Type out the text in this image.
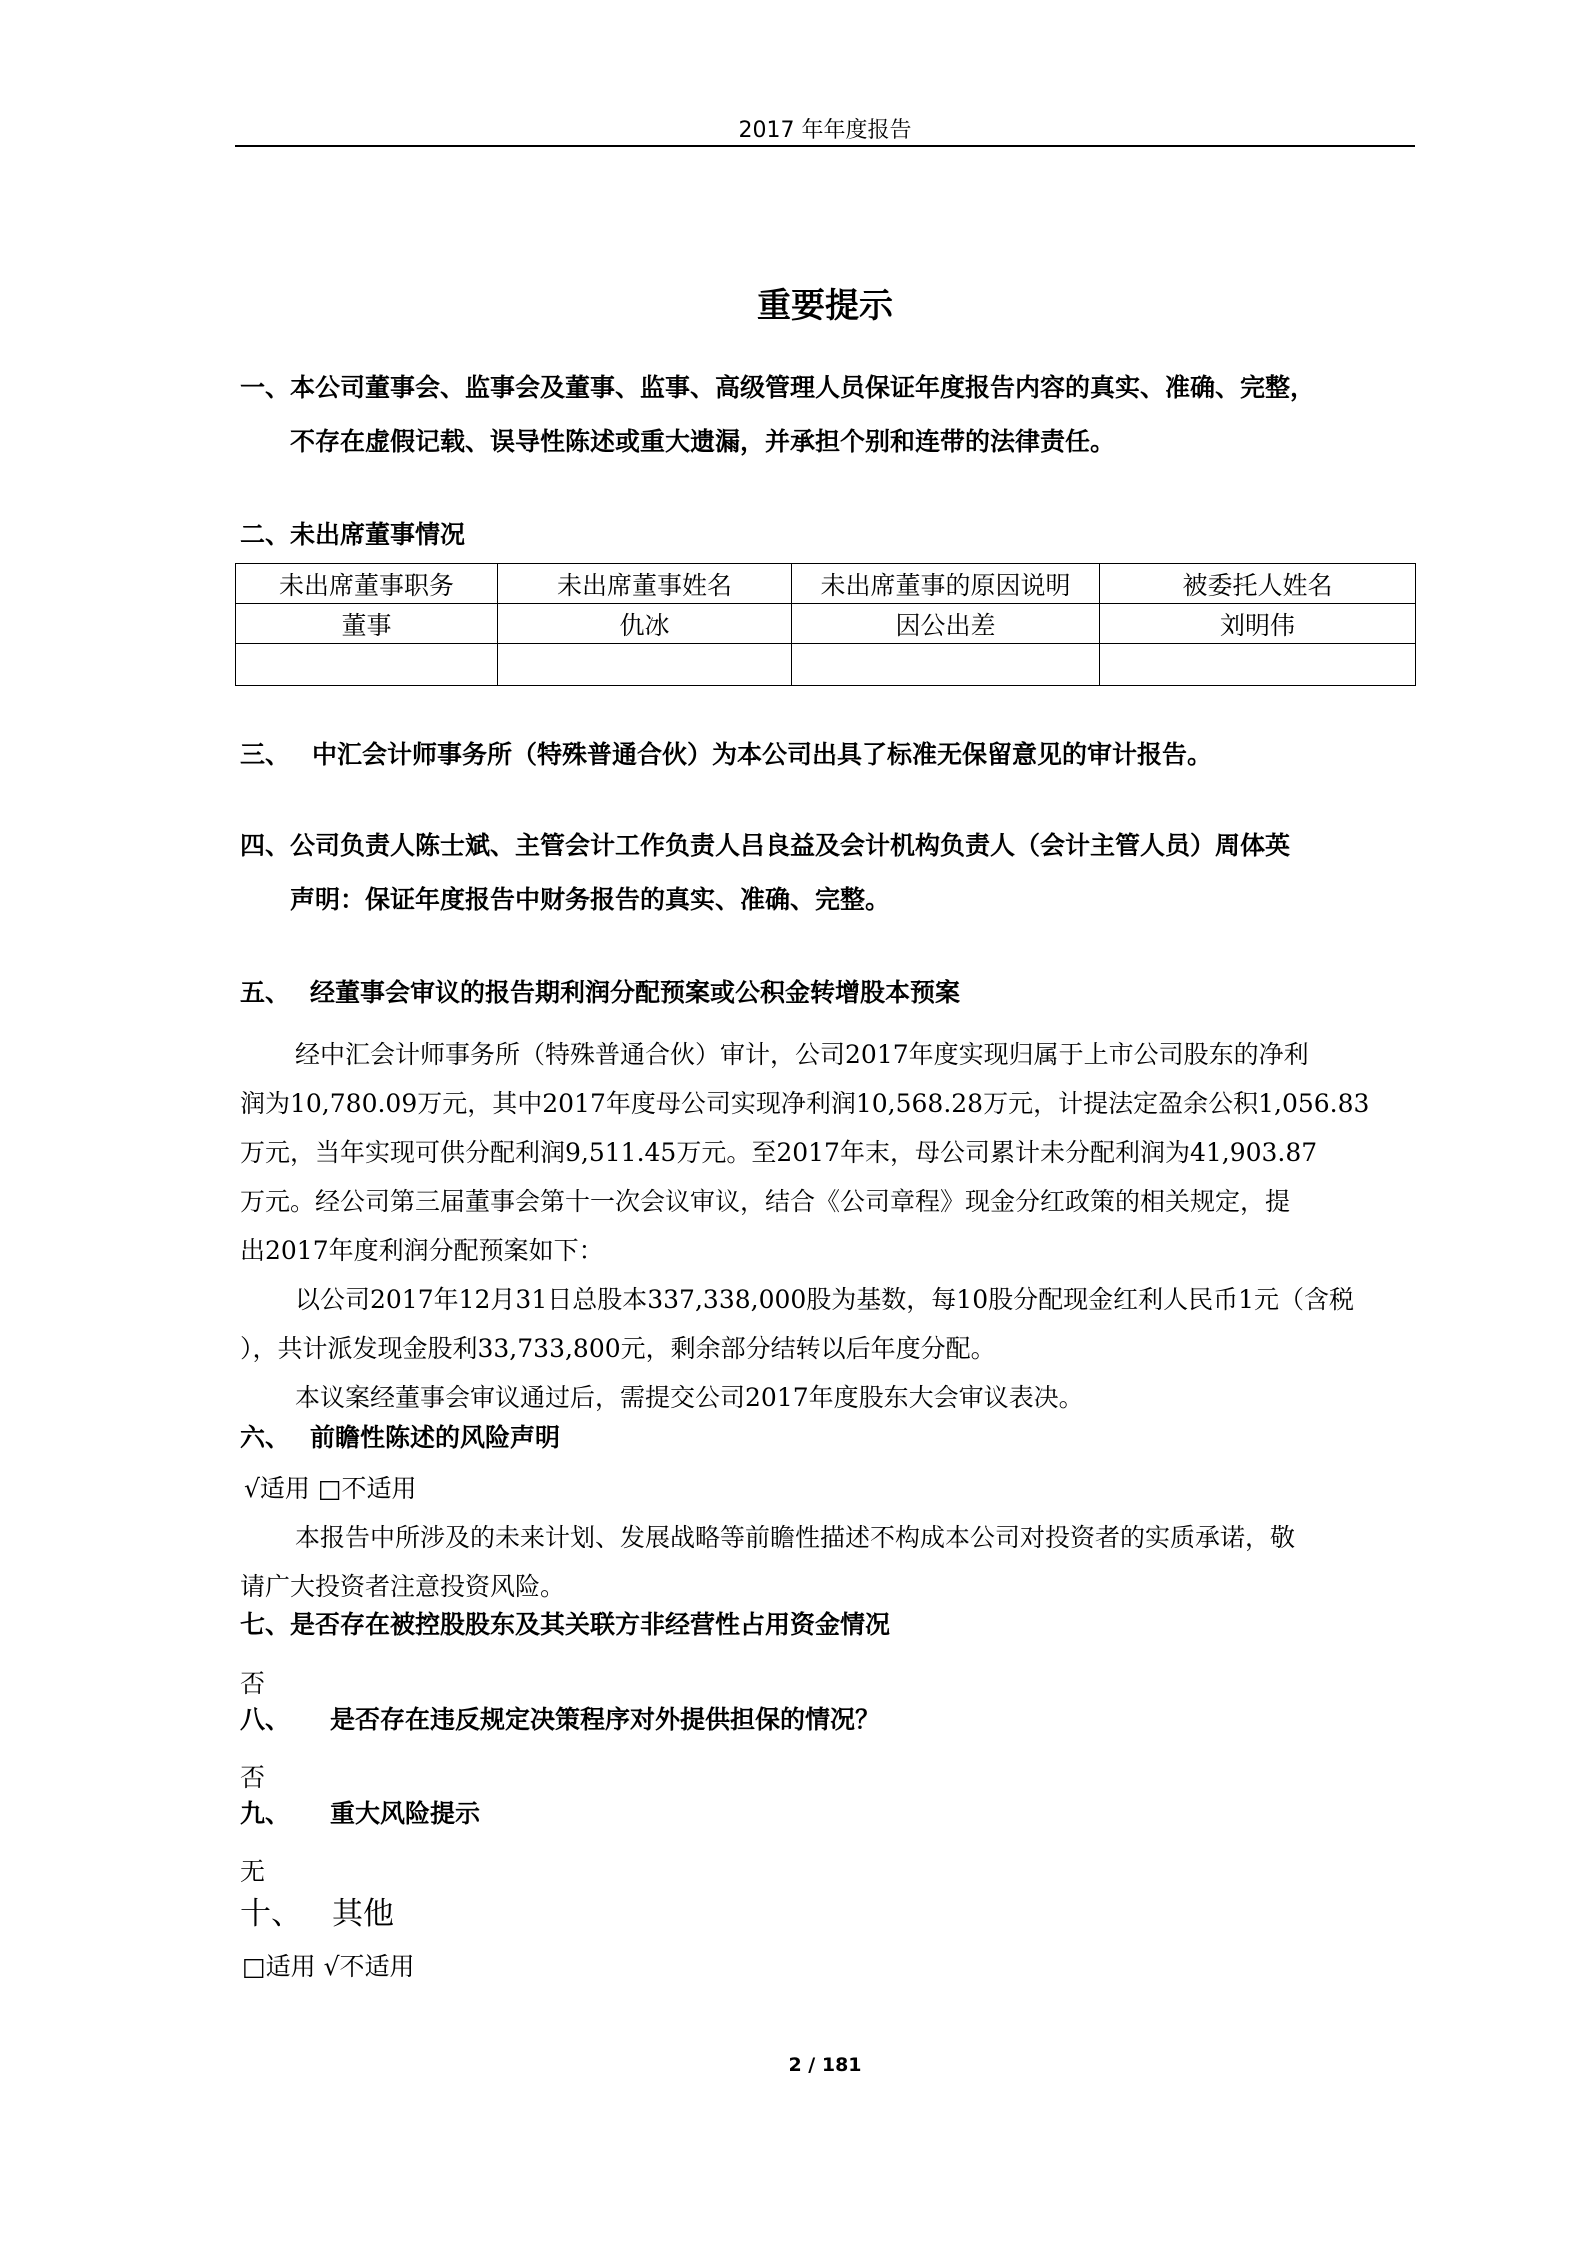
2017 年年度报告
重要提示
一、本公司董事会、监事会及董事、监事、高级管理人员保证年度报告内容的真实、准确、完整，
不存在虚假记载、误导性陈述或重大遗漏，并承担个别和连带的法律责任。
二、未出席董事情况
未出席董事职务	未出席董事姓名	未出席董事的原因说明	被委托人姓名
董事	仇冰	因公出差	刘明伟

三、 中汇会计师事务所（特殊普通合伙）为本公司出具了标准无保留意见的审计报告。
四、公司负责人陈士斌、主管会计工作负责人吕良益及会计机构负责人（会计主管人员）周体英
声明：保证年度报告中财务报告的真实、准确、完整。
五、 经董事会审议的报告期利润分配预案或公积金转增股本预案
经中汇会计师事务所（特殊普通合伙）审计，公司2017年度实现归属于上市公司股东的净利
润为10,780.09万元，其中2017年度母公司实现净利润10,568.28万元，计提法定盈余公积1,056.83
万元，当年实现可供分配利润9,511.45万元。至2017年末，母公司累计未分配利润为41,903.87
万元。经公司第三届董事会第十一次会议审议，结合《公司章程》现金分红政策的相关规定，提
出2017年度利润分配预案如下：
以公司2017年12月31日总股本337,338,000股为基数，每10股分配现金红利人民币1元（含税
），共计派发现金股利33,733,800元，剩余部分结转以后年度分配。
本议案经董事会审议通过后，需提交公司2017年度股东大会审议表决。
六、 前瞻性陈述的风险声明
√适用 □不适用
本报告中所涉及的未来计划、发展战略等前瞻性描述不构成本公司对投资者的实质承诺，敬
请广大投资者注意投资风险。
七、是否存在被控股股东及其关联方非经营性占用资金情况
否
八、 是否存在违反规定决策程序对外提供担保的情况？
否
九、 重大风险提示
无
十、 其他
□适用 √不适用
2 / 181
